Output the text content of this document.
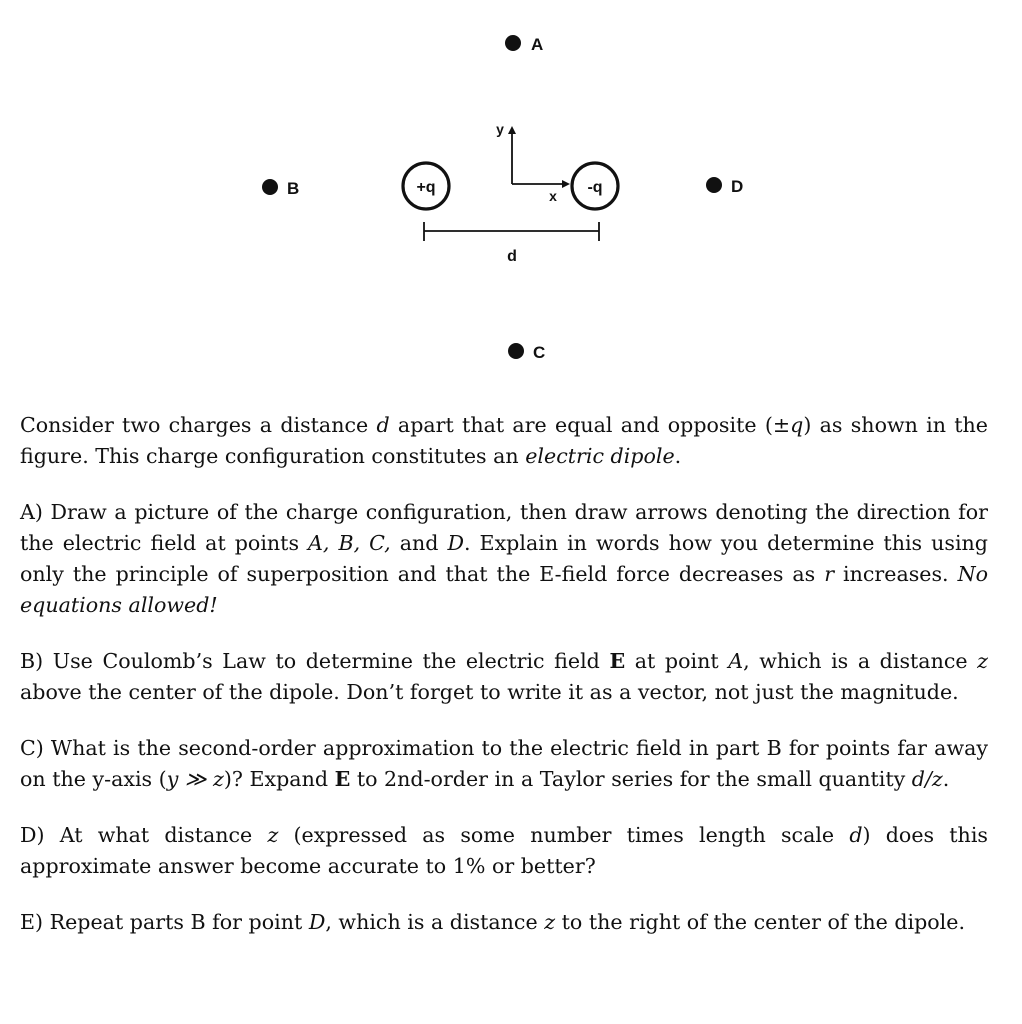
A
B	D
C
+q	-q
y
x
d

Consider two charges a distance d apart that are equal and opposite (±q) as shown in the figure. This charge configuration constitutes an electric dipole.

A) Draw a picture of the charge configuration, then draw arrows denoting the direction for the electric field at points A, B, C, and D. Explain in words how you determine this using only the principle of superposition and that the E-field force decreases as r increases. No equations allowed!

B) Use Coulomb’s Law to determine the electric field E at point A, which is a distance z above the center of the dipole. Don’t forget to write it as a vector, not just the magnitude.

C) What is the second-order approximation to the electric field in part B for points far away on the y-axis (y ≫ z)? Expand E to 2nd-order in a Taylor series for the small quantity d/z.

D) At what distance z (expressed as some number times length scale d) does this approximate answer become accurate to 1% or better?

E) Repeat parts B for point D, which is a distance z to the right of the center of the dipole.
